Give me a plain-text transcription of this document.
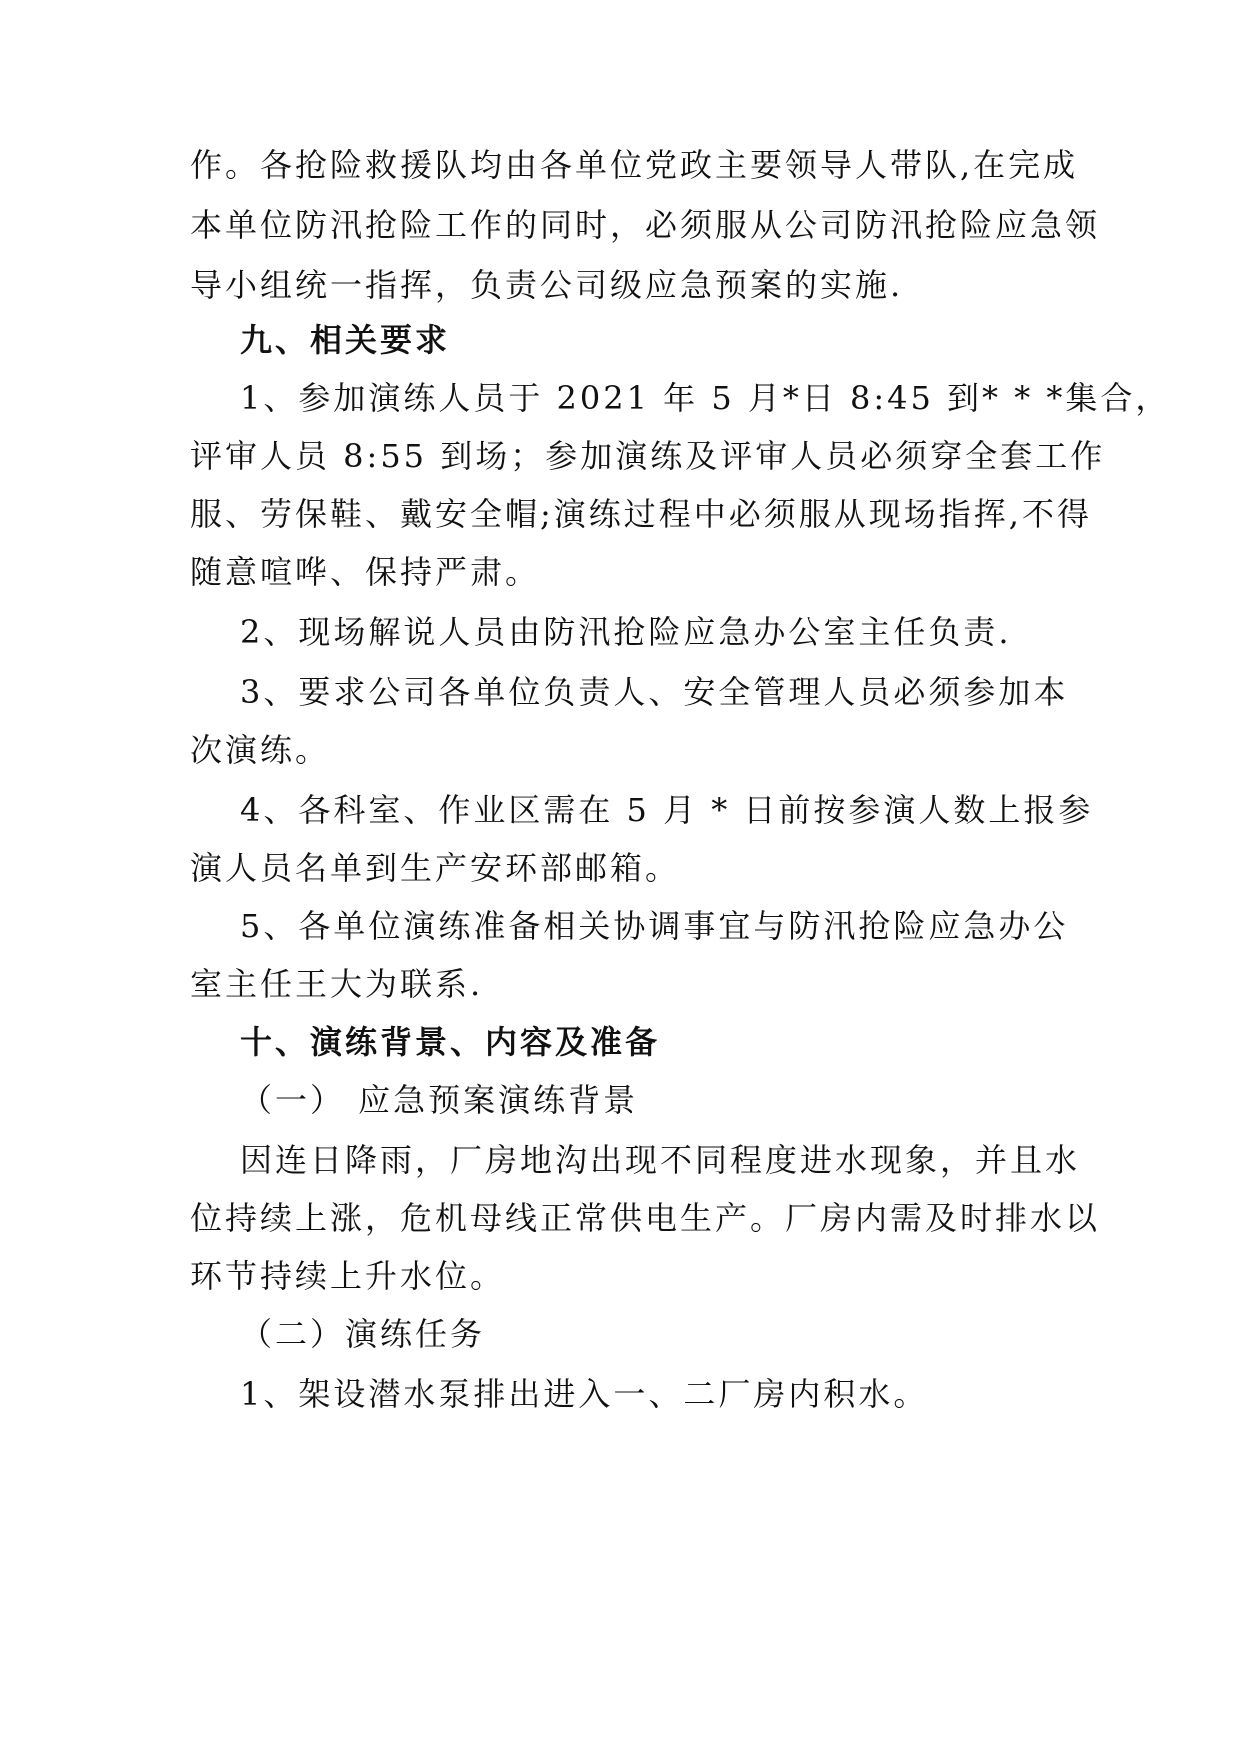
作。各抢险救援队均由各单位党政主要领导人带队,在完成
本单位防汛抢险工作的同时，必须服从公司防汛抢险应急领
导小组统一指挥，负责公司级应急预案的实施.
九、相关要求
1、参加演练人员于 2021 年 5 月*日 8:45 到* * *集合，
评审人员 8:55 到场；参加演练及评审人员必须穿全套工作
服、劳保鞋、戴安全帽;演练过程中必须服从现场指挥,不得
随意喧哗、保持严肃。
2、现场解说人员由防汛抢险应急办公室主任负责.
3、要求公司各单位负责人、安全管理人员必须参加本
次演练。
4、各科室、作业区需在 5 月 * 日前按参演人数上报参
演人员名单到生产安环部邮箱。
5、各单位演练准备相关协调事宜与防汛抢险应急办公
室主任王大为联系.
十、演练背景、内容及准备
（一） 应急预案演练背景
因连日降雨，厂房地沟出现不同程度进水现象，并且水
位持续上涨，危机母线正常供电生产。厂房内需及时排水以
环节持续上升水位。
（二）演练任务
1、架设潜水泵排出进入一、二厂房内积水。
